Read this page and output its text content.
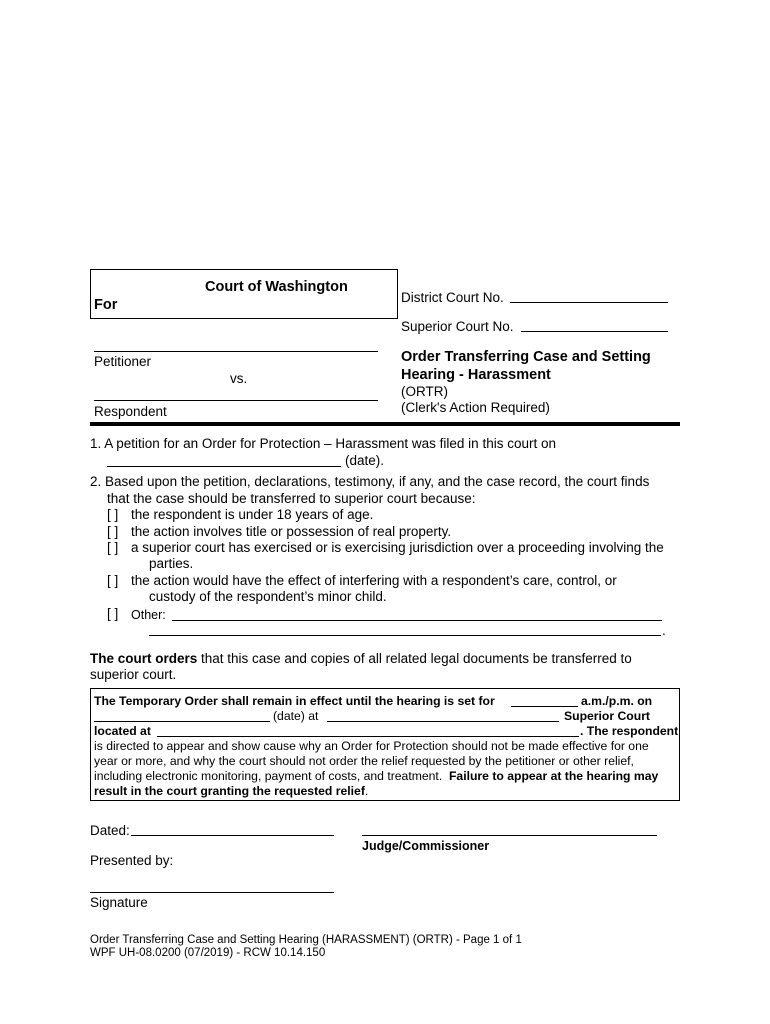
Court of Washington
For	District Court No.
Superior Court No.
Petitioner
vs.
Respondent
Order Transferring Case and Setting
Hearing - Harassment
(ORTR)
(Clerk's Action Required)
1. A petition for an Order for Protection – Harassment was filed in this court on
(date).
2. Based upon the petition, declarations, testimony, if any, and the case record, the court finds
that the case should be transferred to superior court because:
[ ] the respondent is under 18 years of age.
[ ] the action involves title or possession of real property.
[ ] a superior court has exercised or is exercising jurisdiction over a proceeding involving the
parties.
[ ] the action would have the effect of interfering with a respondent’s care, control, or
custody of the respondent’s minor child.
[ ] Other:
.
The court orders that this case and copies of all related legal documents be transferred to
superior court.
The Temporary Order shall remain in effect until the hearing is set for	a.m./p.m. on
(date) at	Superior Court
located at	. The respondent
is directed to appear and show cause why an Order for Protection should not be made effective for one
year or more, and why the court should not order the relief requested by the petitioner or other relief,
including electronic monitoring, payment of costs, and treatment.  Failure to appear at the hearing may
result in the court granting the requested relief.
Dated:
Judge/Commissioner
Presented by:
Signature
Order Transferring Case and Setting Hearing (HARASSMENT) (ORTR) - Page 1 of 1
WPF UH-08.0200 (07/2019) - RCW 10.14.150
